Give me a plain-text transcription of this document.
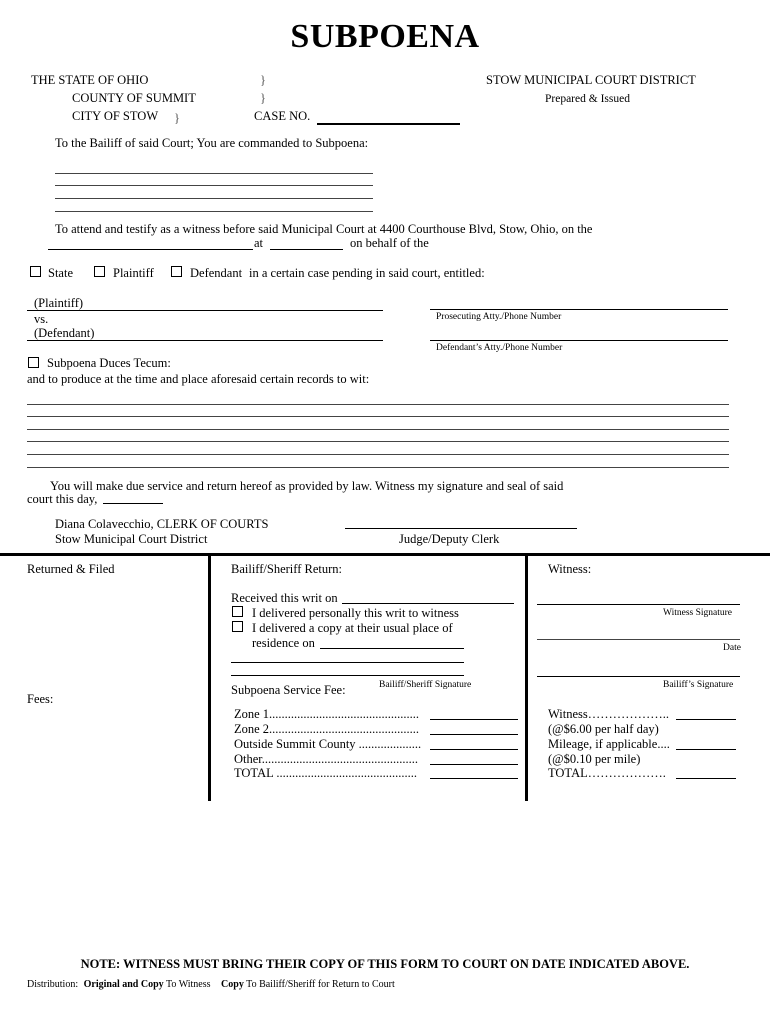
SUBPOENA
THE STATE OF OHIO
COUNTY OF SUMMIT
CITY OF STOW }
}
}
CASE NO.
STOW MUNICIPAL COURT DISTRICT
Prepared & Issued
To the Bailiff of said Court; You are commanded to Subpoena:
To attend and testify as a witness before said Municipal Court at 4400 Courthouse Blvd, Stow, Ohio, on the
at	on behalf of the
State	Plaintiff	Defendant in a certain case pending in said court, entitled:
(Plaintiff)
vs.
(Defendant)
Prosecuting Atty./Phone Number
Defendant’s Atty./Phone Number
Subpoena Duces Tecum:
and to produce at the time and place aforesaid certain records to wit:
You will make due service and return hereof as provided by law. Witness my signature and seal of said
court this day,
Diana Colavecchio, CLERK OF COURTS
Stow Municipal Court District	Judge/Deputy Clerk
Returned & Filed
Fees:
Bailiff/Sheriff Return:
Received this writ on
I delivered personally this writ to witness
I delivered a copy at their usual place of
residence on
Subpoena Service Fee:	Bailiff/Sheriff Signature
Zone 1................................................
Zone 2................................................
Outside Summit County ....................
Other..................................................
TOTAL .............................................
Witness:
Witness Signature
Date
Bailiff’s Signature
Witness………………..
(@$6.00 per half day)
Mileage, if applicable....
(@$0.10 per mile)
TOTAL……………….
NOTE: WITNESS MUST BRING THEIR COPY OF THIS FORM TO COURT ON DATE INDICATED ABOVE.
Distribution: Original and Copy To Witness Copy To Bailiff/Sheriff for Return to Court
